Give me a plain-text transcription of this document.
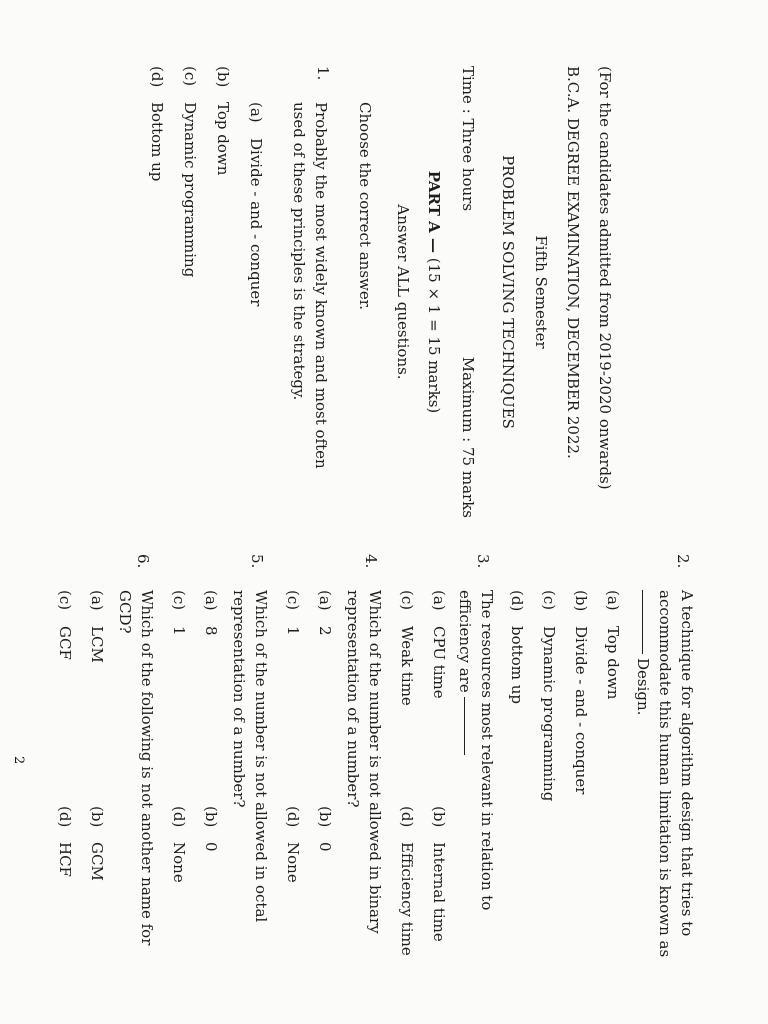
(For the candidates admitted from 2019-2020 onwards)
B.C.A. DEGREE EXAMINATION, DECEMBER 2022.
Fifth Semester
PROBLEM SOLVING TECHNIQUES
Time : Three hours
Maximum : 75 marks
PART A — (15 × 1 = 15 marks)
Answer ALL questions.
Choose the correct answer.
1.
Probably the most widely known and most often
used of these principles is the strategy.
(a)Divide - and - conquer
(b)Top down
(c)Dynamic programming
(d)Bottom up
2.
A technique for algorithm design that tries to
accommodate this human limitation is known as
Design.
(a)Top down
(b)Divide - and - conquer
(c)Dynamic programming
(d)bottom up
3.
The resources most relevant in relation to
efficiency are
(a)CPU time
(b)Internal time
(c)Weak time
(d)Efficiency time
4.
Which of the number is not allowed in binary
representation of a number?
(a)2
(b)0
(c)1
(d)None
5.
Which of the number is not allowed in octal
representation of a number?
(a)8
(b)0
(c)1
(d)None
6.
Which of the following is not another name for
GCD?
(a)LCM
(b)GCM
(c)GCF
(d)HCF
2
